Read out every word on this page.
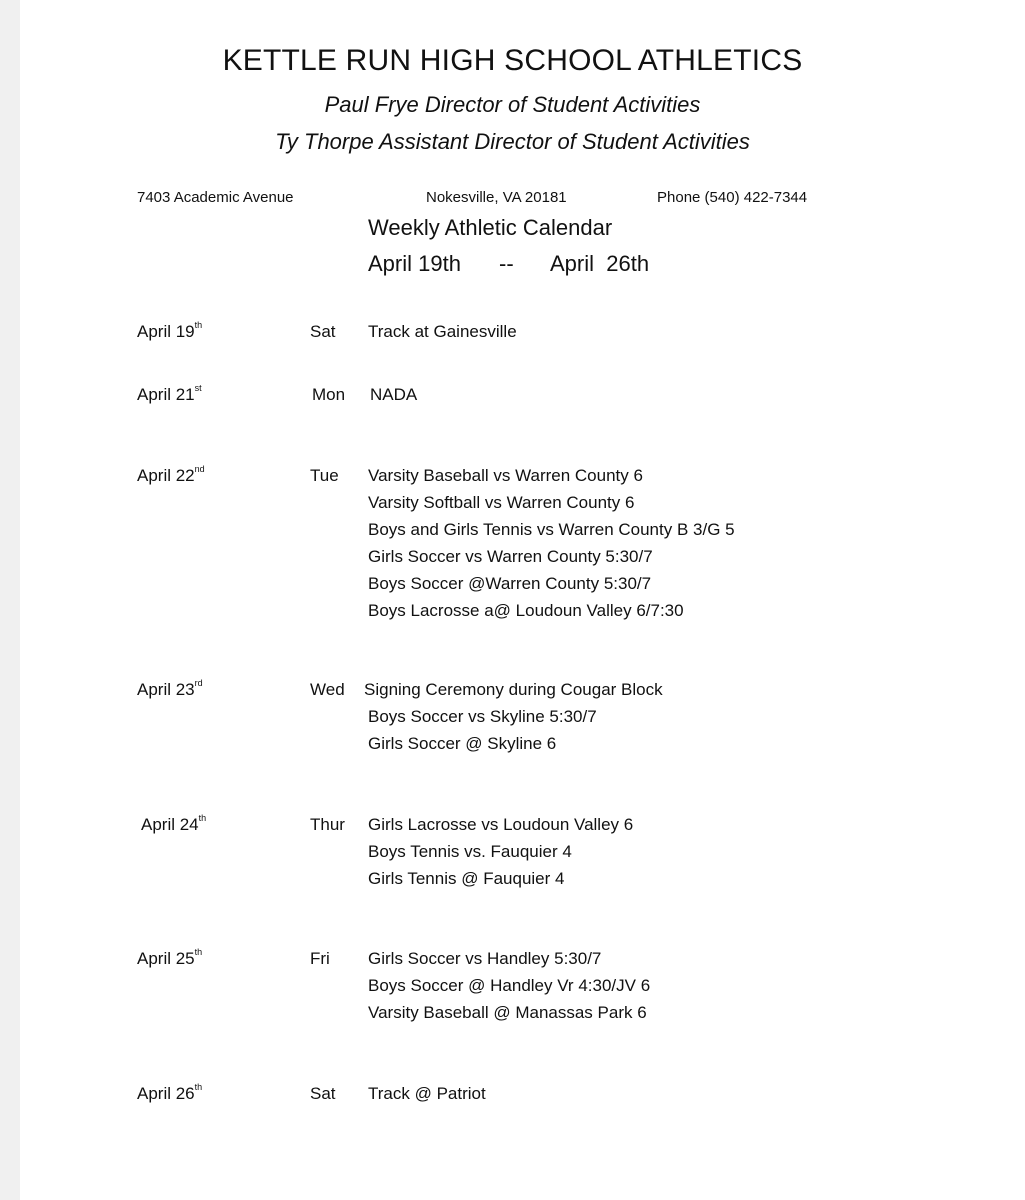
KETTLE RUN HIGH SCHOOL ATHLETICS
Paul Frye Director of Student Activities
Ty Thorpe Assistant Director of Student Activities
7403 Academic Avenue	Nokesville, VA 20181	Phone (540) 422-7344
Weekly Athletic Calendar
April 19th -- April  26th
April 19th	Sat Track at Gainesville
April 21st	Mon NADA
April 22nd	Tue Varsity Baseball vs Warren County 6
Varsity Softball vs Warren County 6
Boys and Girls Tennis vs Warren County B 3/G 5
Girls Soccer vs Warren County 5:30/7
Boys Soccer @Warren County 5:30/7
Boys Lacrosse a@ Loudoun Valley 6/7:30
April 23rd	Wed Signing Ceremony during Cougar Block
Boys Soccer vs Skyline 5:30/7
Girls Soccer @ Skyline 6
April 24th	Thur Girls Lacrosse vs Loudoun Valley 6
Boys Tennis vs. Fauquier 4
Girls Tennis @ Fauquier 4
April 25th	Fri Girls Soccer vs Handley 5:30/7
Boys Soccer @ Handley Vr 4:30/JV 6
Varsity Baseball @ Manassas Park 6
April 26th	Sat Track @ Patriot
